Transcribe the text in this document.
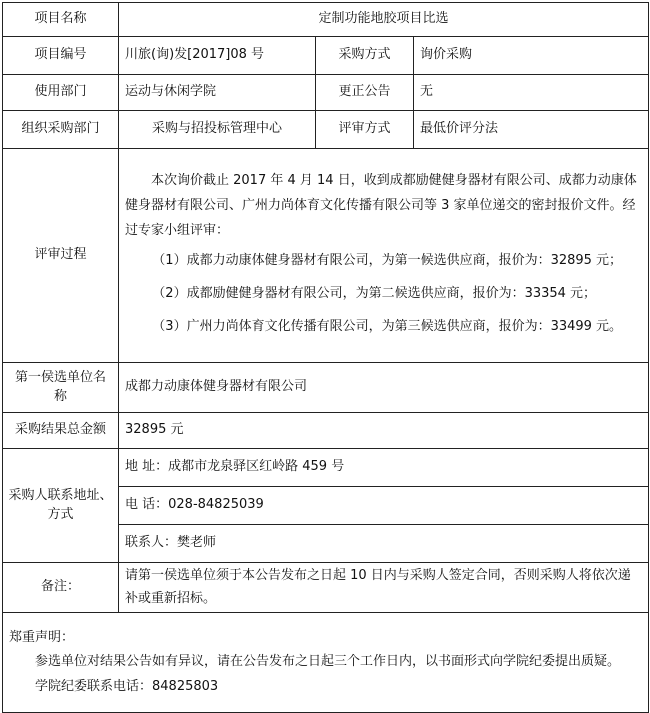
项目名称	定制功能地胶项目比选		
项目编号	川旅(询)发[2017]08 号	采购方式	询价采购
使用部门	运动与休闲学院	更正公告	无
组织采购部门	采购与招投标管理中心	评审方式	最低价评分法
评审过程	本次询价截止 2017 年 4 月 14 日，收到成都励健健身器材有限公司、成都力动康体健身器材有限公司、广州力尚体育文化传播有限公司等 3 家单位递交的密封报价文件。经过专家小组评审：

（1）成都力动康体健身器材有限公司，为第一候选供应商，报价为：32895 元；
（2）成都励健健身器材有限公司，为第二候选供应商，报价为：33354 元；
（3）广州力尚体育文化传播有限公司，为第三候选供应商，报价为：33499 元。		

第一侯选单位名称	成都力动康体健身器材有限公司		
采购结果总金额	32895 元		
采购人联系地址、方式	地 址：成都市龙泉驿区红岭路 459 号		
	电 话：028-84825039		
	联系人：樊老师		
备注：	请第一侯选单位须于本公告发布之日起 10 日内与采购人签定合同，否则采购人将依次递补或重新招标。		

郑重声明：

参选单位对结果公告如有异议，请在公告发布之日起三个工作日内，以书面形式向学院纪委提出质疑。

学院纪委联系电话：84825803			
